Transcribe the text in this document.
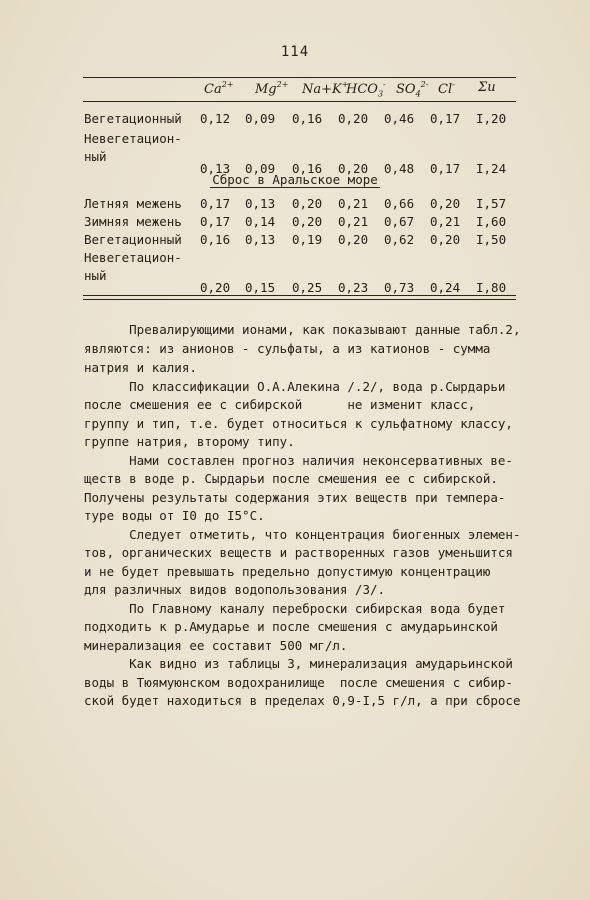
114
$Ca^{2+}$ $Mg^{2+}$ Na+K+
$HCO_3^-$ $SO_4^{2-}$ Cl- Σu
Вегетационный 0,12 0,09 0,16 0,20 0,46 0,17 I,20
Невегетацион-
ный
0,13 0,09 0,16 0,20 0,48 0,17 I,24
Летняя межень 0,17 0,13 0,20 0,21 0,66 0,20 I,57
Зимняя межень 0,17 0,14 0,20 0,21 0,67 0,21 I,60
Вегетационный 0,16 0,13 0,19 0,20 0,62 0,20 I,50
Невегетацион-
ный
0,20 0,15 0,25 0,23 0,73 0,24 I,80
Сброс в Аральское море
Превалирующими ионами, как показывают данные табл.2,
являются: из анионов - сульфаты, а из катионов - сумма
натрия и калия.
По классификации О.А.Алекина /.2/, вода р.Сырдарьи
после смешения ее с сибирской      не изменит класс,
группу и тип, т.е. будет относиться к сульфатному классу,
группе натрия, второму типу.
Нами составлен прогноз наличия неконсервативных ве-
ществ в воде р. Сырдарьи после смешения ее с сибирской.
Получены результаты содержания этих веществ при темпера-
туре воды от I0 до I5°С.
Следует отметить, что концентрация биогенных элемен-
тов, органических веществ и растворенных газов уменьшится
и не будет превышать предельно допустимую концентрацию
для различных видов водопользования /3/.
По Главному каналу переброски сибирская вода будет
подходить к р.Амударье и после смешения с амударьинской
минерализация ее составит 500 мг/л.
Как видно из таблицы 3, минерализация амударьинской
воды в Тюямуюнском водохранилище  после смешения с сибир-
ской будет находиться в пределах 0,9-I,5 г/л, а при сбросе
